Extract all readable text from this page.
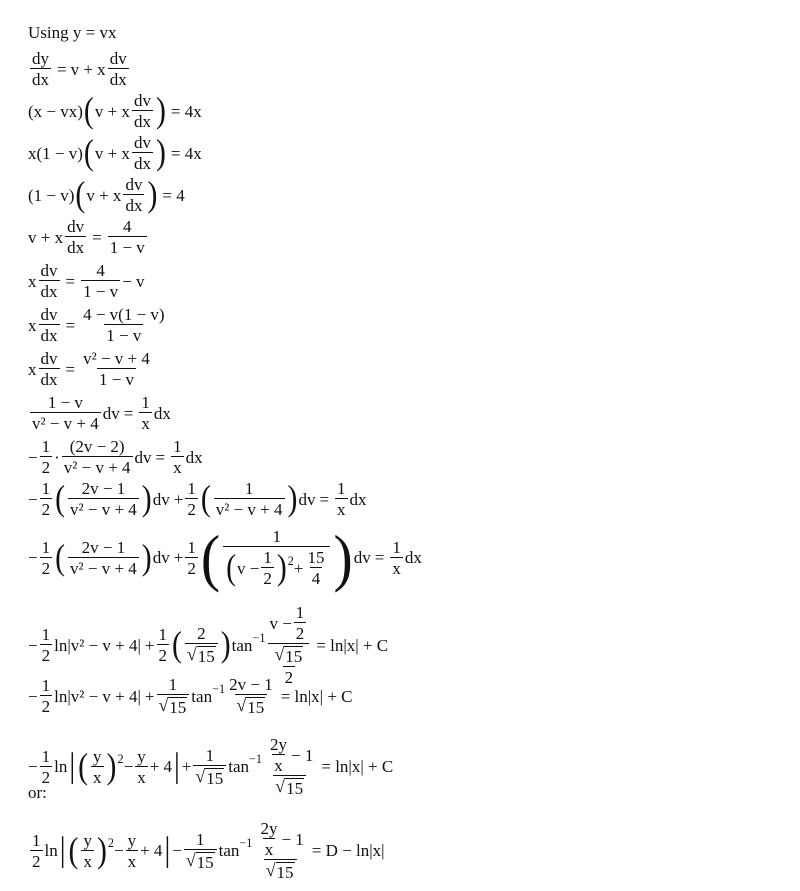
Using y = vx
$\frac{dy}{dx} = v + x \frac{dv}{dx}$
(x − vx) ( v + x $\frac{dv}{dx}$ ) = 4x
x(1 − v) ( v + x $\frac{dv}{dx}$ ) = 4x
(1 − v) ( v + x $\frac{dv}{dx}$ ) = 4
v + x $\frac{dv}{dx} = \frac{4}{1 - v}$
x $\frac{dv}{dx} = \frac{4}{1 - v} - v$
x $\frac{dv}{dx} = \frac{4 - v(1 - v)}{1 - v}$
x $\frac{dv}{dx} = \frac{\text{v² − v + 4}}{1 - v}$
$\frac{1 - v}{\text{v² − v + 4}}$ dv = $\frac{1}{x}$ dx
− $\frac{1}{2} \cdot \frac{(2v - 2)}{\text{v² − v + 4}}$ dv = $\frac{1}{x}$ dx
− $\frac{1}{2}$ ( $\frac{2v - 1}{\text{v² − v + 4}}$ ) dv + $\frac{1}{2}$ ( $\frac{1}{\text{v² − v + 4}}$ ) dv = $\frac{1}{x}$ dx
− $\frac{1}{2}$ ( $\frac{2v - 1}{\text{v² − v + 4}}$ ) dv + $\frac{1}{2}$ ( $\frac{1}{( v - \frac{1}{2} ) 2 + \frac{15}{4}}$ ) dv = $\frac{1}{x}$ dx
− $\frac{1}{2}$ $\ln |v^2 - v + 4| + \frac{1}{2}$ ( $\frac{2}{√ 15}$ ) $\tan -1 \frac{v - \frac{1}{2}}{\frac{√ 15}{2}} = \ln|x| + C$
− $\frac{1}{2}$ $\ln |v^2 - v + 4| + \frac{1}{√ 15}$ $\tan -1 \frac{2v - 1}{√ 15} = \ln|x| + C$
− $\frac{1}{2}$ ln | ( $\frac{y}{x}$ ) $2 - \frac{y}{x} + 4$ | + $\frac{1}{√ 15}$ $\tan -1 \frac{\frac{2y}{x} - 1}{√ 15} = \ln|x| + C$
or:
$\frac{1}{2}$ ln | ( $\frac{y}{x}$ ) $2 - \frac{y}{x} + 4$ | − $\frac{1}{√ 15}$ $\tan -1 \frac{\frac{2y}{x} - 1}{√ 15} = D - \ln|x|$
